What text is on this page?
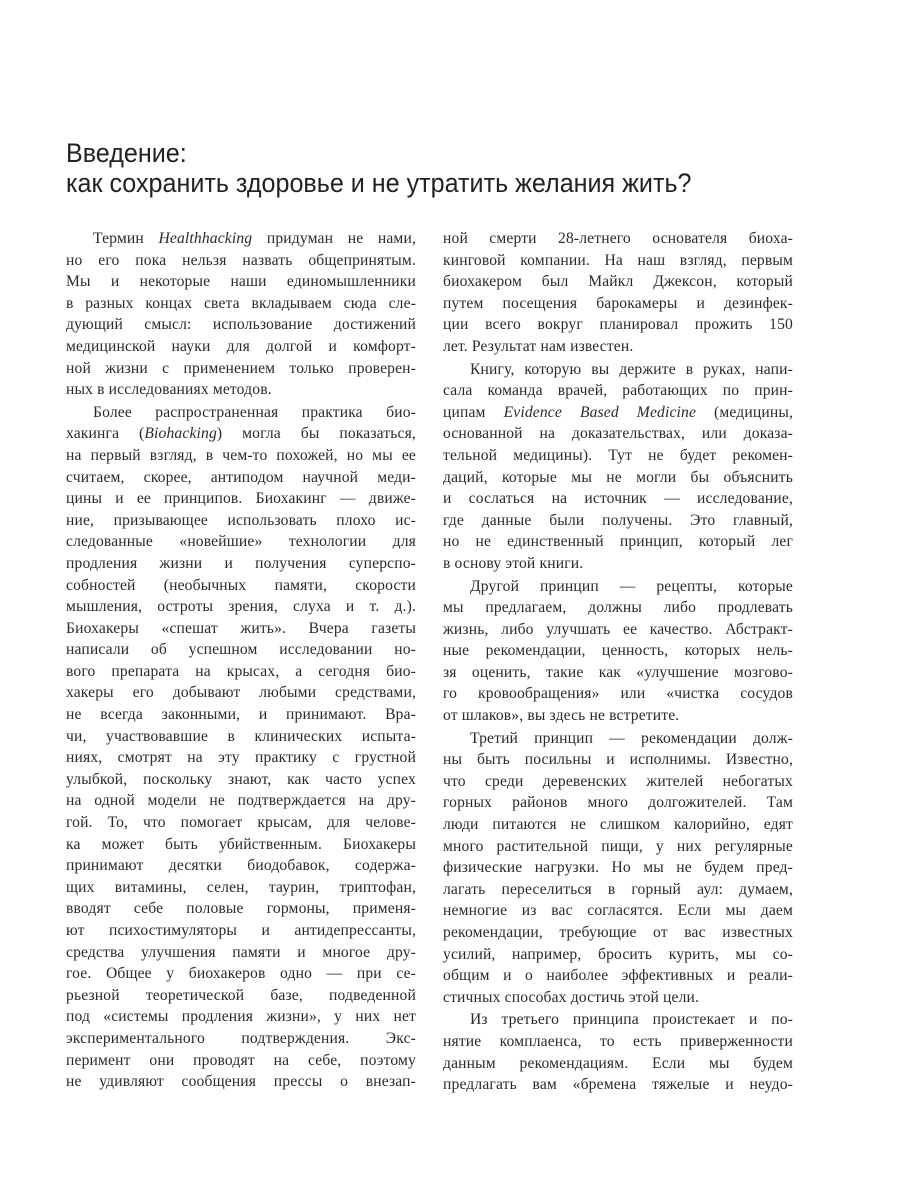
Введение:
как сохранить здоровье и не утратить желания жить?
Термин Healthhacking придуман не нами,
но его пока нельзя назвать общепринятым.
Мы и некоторые наши единомышленники
в разных концах света вкладываем сюда сле-
дующий смысл: использование достижений
медицинской науки для долгой и комфорт-
ной жизни с применением только проверен-
ных в исследованиях методов.
Более распространенная практика био-
хакинга (Biohacking) могла бы показаться,
на первый взгляд, в чем-то похожей, но мы ее
считаем, скорее, антиподом научной меди-
цины и ее принципов. Биохакинг — движе-
ние, призывающее использовать плохо ис-
следованные «новейшие» технологии для
продления жизни и получения суперспо-
собностей (необычных памяти, скорости
мышления, остроты зрения, слуха и т. д.).
Биохакеры «спешат жить». Вчера газеты
написали об успешном исследовании но-
вого препарата на крысах, а сегодня био-
хакеры его добывают любыми средствами,
не всегда законными, и принимают. Вра-
чи, участвовавшие в клинических испыта-
ниях, смотрят на эту практику с грустной
улыбкой, поскольку знают, как часто успех
на одной модели не подтверждается на дру-
гой. То, что помогает крысам, для челове-
ка может быть убийственным. Биохакеры
принимают десятки биодобавок, содержа-
щих витамины, селен, таурин, триптофан,
вводят себе половые гормоны, применя-
ют психостимуляторы и антидепрессанты,
средства улучшения памяти и многое дру-
гое. Общее у биохакеров одно — при се-
рьезной теоретической базе, подведенной
под «системы продления жизни», у них нет
экспериментального подтверждения. Экс-
перимент они проводят на себе, поэтому
не удивляют сообщения прессы о внезап-
ной смерти 28-летнего основателя биоха-
кинговой компании. На наш взгляд, первым
биохакером был Майкл Джексон, который
путем посещения барокамеры и дезинфек-
ции всего вокруг планировал прожить 150
лет. Результат нам известен.
Книгу, которую вы держите в руках, напи-
сала команда врачей, работающих по прин-
ципам Evidence Based Medicine (медицины,
основанной на доказательствах, или доказа-
тельной медицины). Тут не будет рекомен-
даций, которые мы не могли бы объяснить
и сослаться на источник — исследование,
где данные были получены. Это главный,
но не единственный принцип, который лег
в основу этой книги.
Другой принцип — рецепты, которые
мы предлагаем, должны либо продлевать
жизнь, либо улучшать ее качество. Абстракт-
ные рекомендации, ценность, которых нель-
зя оценить, такие как «улучшение мозгово-
го кровообращения» или «чистка сосудов
от шлаков», вы здесь не встретите.
Третий принцип — рекомендации долж-
ны быть посильны и исполнимы. Известно,
что среди деревенских жителей небогатых
горных районов много долгожителей. Там
люди питаются не слишком калорийно, едят
много растительной пищи, у них регулярные
физические нагрузки. Но мы не будем пред-
лагать переселиться в горный аул: думаем,
немногие из вас согласятся. Если мы даем
рекомендации, требующие от вас известных
усилий, например, бросить курить, мы со-
общим и о наиболее эффективных и реали-
стичных способах достичь этой цели.
Из третьего принципа проистекает и по-
нятие комплаенса, то есть приверженности
данным рекомендациям. Если мы будем
предлагать вам «бремена тяжелые и неудо-
